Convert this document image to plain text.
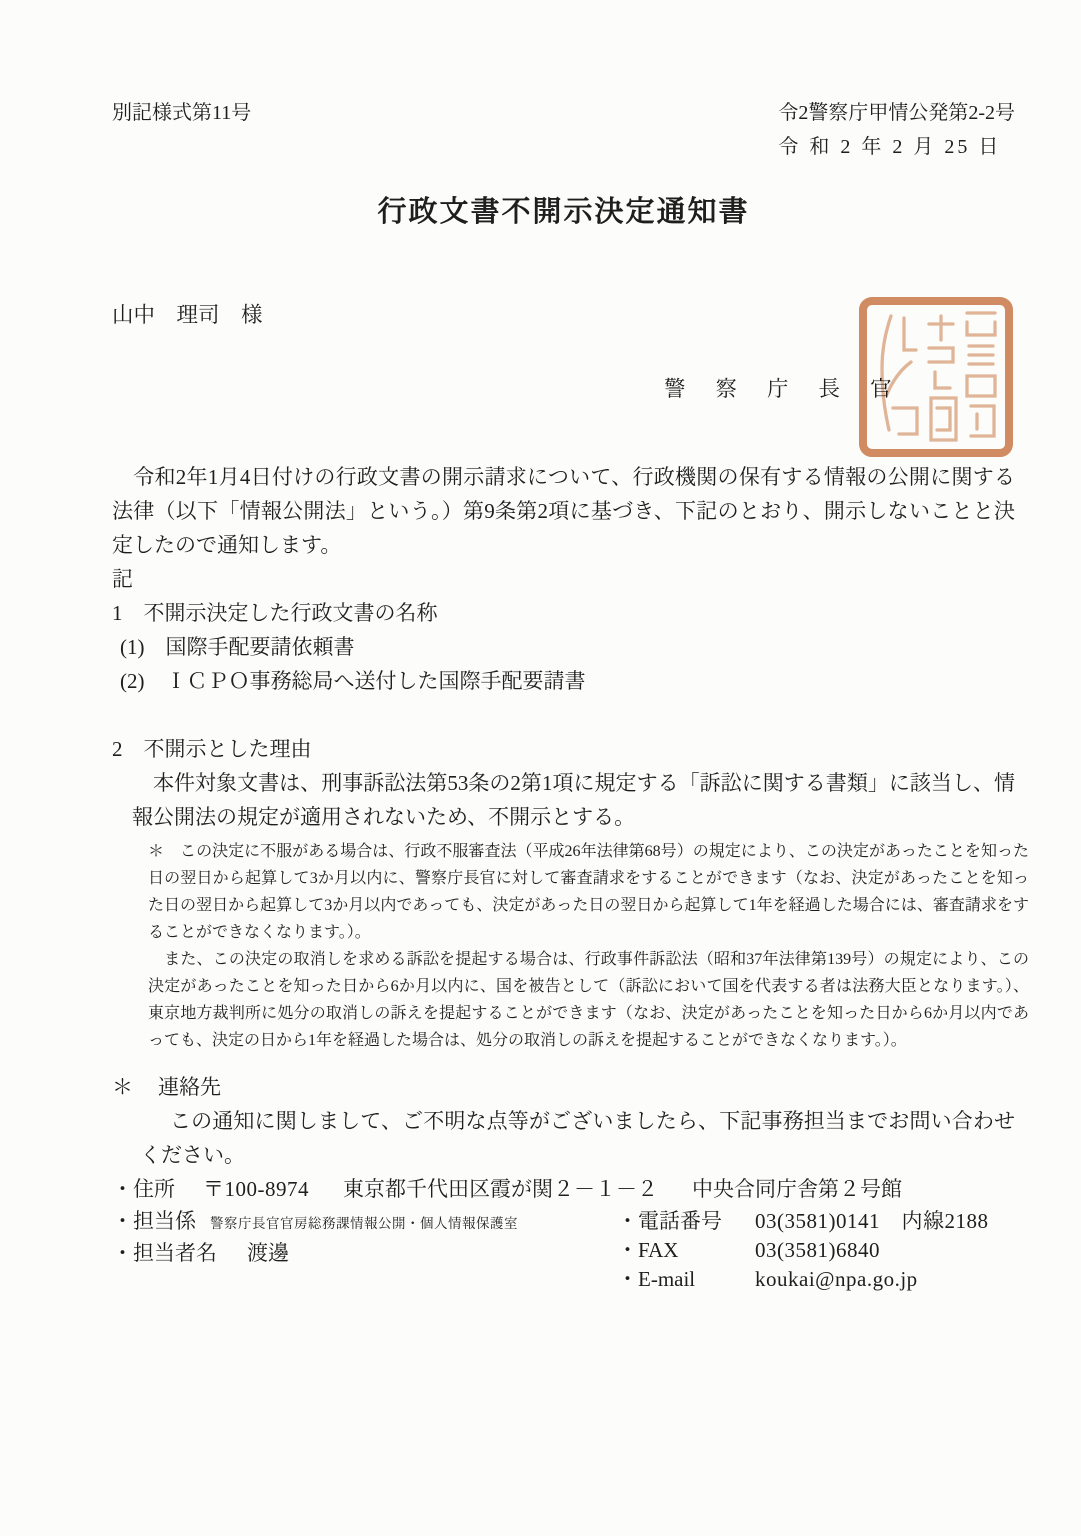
別記様式第11号	令2警察庁甲情公発第2-2号
令 和 2 年 2 月 25 日
行政文書不開示決定通知書
山中　理司　様
警察庁長官

　令和2年1月4日付けの行政文書の開示請求について、行政機関の保有する情報の公開に関する法律（以下「情報公開法」という。）第9条第2項に基づき、下記のとおり、開示しないことと決定したので通知します。

記

1　不開示決定した行政文書の名称

(1)　国際手配要請依頼書

(2)　ＩＣＰＯ事務総局へ送付した国際手配要請書

2　不開示とした理由

本件対象文書は、刑事訴訟法第53条の2第1項に規定する「訴訟に関する書類」に該当し、情報公開法の規定が適用されないため、不開示とする。

＊　この決定に不服がある場合は、行政不服審査法（平成26年法律第68号）の規定により、この決定があったことを知った日の翌日から起算して3か月以内に、警察庁長官に対して審査請求をすることができます（なお、決定があったことを知った日の翌日から起算して3か月以内であっても、決定があった日の翌日から起算して1年を経過した場合には、審査請求をすることができなくなります。）。

　また、この決定の取消しを求める訴訟を提起する場合は、行政事件訴訟法（昭和37年法律第139号）の規定により、この決定があったことを知った日から6か月以内に、国を被告として（訴訟において国を代表する者は法務大臣となります。）、東京地方裁判所に処分の取消しの訴えを提起することができます（なお、決定があったことを知った日から6か月以内であっても、決定の日から1年を経過した場合は、処分の取消しの訴えを提起することができなくなります。）。

＊ 連絡先

この通知に関しまして、ご不明な点等がございましたら、下記事務担当までお問い合わせください。

・住所 〒100-8974 東京都千代田区霞が関２－１－２ 中央合同庁舎第２号館

・担当係 警察庁長官官房総務課情報公開・個人情報保護室
・担当者名 渡邊
・電話番号	03(3581)0141　内線2188
・FAX	03(3581)6840
・E-mail	koukai@npa.go.jp
